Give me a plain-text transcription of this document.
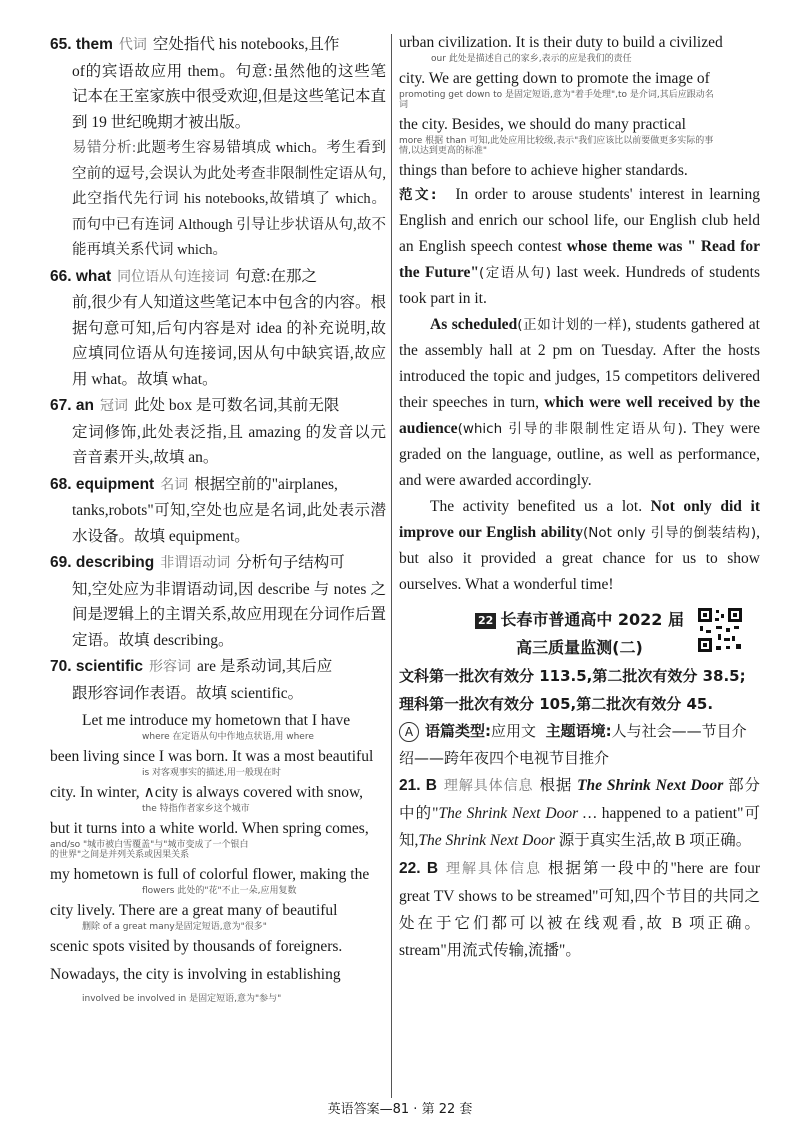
65. them 代词 空处指代 his notebooks,且作
of的宾语故应用 them。句意:虽然他的这些笔记本在王室家族中很受欢迎,但是这些笔记本直到 19 世纪晚期才被出版。
易错分析:此题考生容易错填成 which。考生看到空前的逗号,会误认为此处考查非限制性定语从句,此空指代先行词 his notebooks,故错填了 which。而句中已有连词 Although 引导让步状语从句,故不能再填关系代词 which。
66. what 同位语从句连接词 句意:在那之
前,很少有人知道这些笔记本中包含的内容。根据句意可知,后句内容是对 idea 的补充说明,故应填同位语从句连接词,因从句中缺宾语,故应用 what。故填 what。
67. an 冠词 此处 box 是可数名词,其前无限
定词修饰,此处表泛指,且 amazing 的发音以元音音素开头,故填 an。
68. equipment 名词 根据空前的"airplanes,
tanks,robots"可知,空处也应是名词,此处表示潜水设备。故填 equipment。
69. describing 非谓语动词 分析句子结构可
知,空处应为非谓语动词,因 describe 与 notes 之间是逻辑上的主谓关系,故应用现在分词作后置定语。故填 describing。
70. scientific 形容词 are 是系动词,其后应
跟形容词作表语。故填 scientific。
Let me introduce my hometown that I have
where 在定语从句中作地点状语,用 where
been living since I was born. It was a most beautiful
is 对客观事实的描述,用一般现在时
city. In winter, ∧city is always covered with snow,
the 特指作者家乡这个城市
but it turns into a white world. When spring comes,
and/so "城市被白雪覆盖"与"城市变成了一个银白的世界"之间是并列关系或因果关系
my hometown is full of colorful flower, making the
flowers 此处的"花"不止一朵,应用复数
city lively. There are a great many of beautiful
删除 of a great many是固定短语,意为"很多"
scenic spots visited by thousands of foreigners.
Nowadays, the city is involving in establishing
involved be involved in 是固定短语,意为"参与"
urban civilization. It is their duty to build a civilized
our 此处是描述自己的家乡,表示的应是我们的责任
city. We are getting down to promote the image of
promoting get down to 是固定短语,意为"着手处理",to 是介词,其后应跟动名词
the city. Besides, we should do many practical
more 根据 than 可知,此处应用比较级,表示"我们应该比以前要做更多实际的事情,以达到更高的标准"
things than before to achieve higher standards.
范文: In order to arouse students' interest in learning English and enrich our school life, our English club held an English speech contest whose theme was " Read for the Future"(定语从句) last week. Hundreds of students took part in it.
As scheduled(正如计划的一样), students gathered at the assembly hall at 2 pm on Tuesday. After the hosts introduced the topic and judges, 15 competitors delivered their speeches in turn, which were well received by the audience(which 引导的非限制性定语从句). They were graded on the language, outline, as well as performance, and were awarded accordingly.
The activity benefited us a lot. Not only did it improve our English ability(Not only 引导的倒装结构), but also it provided a great chance for us to show ourselves. What a wonderful time!
22 长春市普通高中 2022 届
高三质量监测(二)
文科第一批次有效分 113.5,第二批次有效分 38.5;理科第一批次有效分 105,第二批次有效分 45.
A 语篇类型:应用文 主题语境:人与社会——节目介绍——跨年夜四个电视节目推介
21. B 理解具体信息 根据 The Shrink Next Door 部分中的"The Shrink Next Door … happened to a patient"可知,The Shrink Next Door 源于真实生活,故 B 项正确。
22. B 理解具体信息 根据第一段中的"here are four great TV shows to be streamed"可知,四个节目的共同之处在于它们都可以被在线观看,故 B 项正确。stream"用流式传输,流播"。
英语答案—81 · 第 22 套
